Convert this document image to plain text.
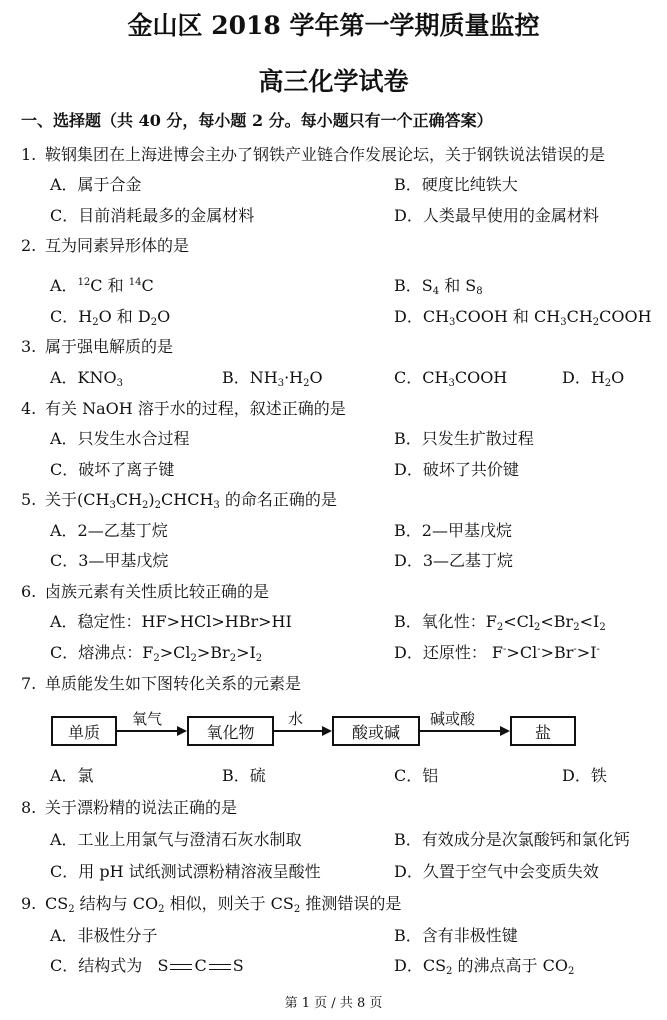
金山区 2018 学年第一学期质量监控
高三化学试卷
一、选择题（共 40 分，每小题 2 分。每小题只有一个正确答案）
1. 鞍钢集团在上海进博会主办了钢铁产业链合作发展论坛，关于钢铁说法错误的是
A．属于合金	B．硬度比纯铁大
C．目前消耗最多的金属材料	D．人类最早使用的金属材料
2. 互为同素异形体的是
A．$^{12}$C 和 $^{14}$C	B．$S_4$ 和 $S_8$
C．$H_2O$ 和 $D_2O$	D．$CH_3COOH$ 和 $CH_3CH_2COOH$
3. 属于强电解质的是
A．$KNO_3$	B．$NH_3\cdot H_2O$	C．$CH_3COOH$	D．$H_2O$
4. 有关 NaOH 溶于水的过程，叙述正确的是
A．只发生水合过程	B．只发生扩散过程
C．破坏了离子键	D．破坏了共价键
5. 关于$(CH_3CH_2)_2CHCH_3$ 的命名正确的是
A．2—乙基丁烷	B．2—甲基戊烷
C．3—甲基戊烷	D．3—乙基丁烷
6. 卤族元素有关性质比较正确的是
A．稳定性：HF>HCl>HBr>HI	B．氧化性：$F_2<Cl_2<Br_2<I_2$
C．熔沸点：$F_2>Cl_2>Br_2>I_2$	D．还原性： F->Cl->Br->I-
7. 单质能发生如下图转化关系的元素是
单质
氧气
氧化物
水
酸或碱
碱或酸
盐
A．氯	B．硫	C．铝	D．铁
8. 关于漂粉精的说法正确的是
A．工业上用氯气与澄清石灰水制取	B．有效成分是次氯酸钙和氯化钙
C．用 pH 试纸测试漂粉精溶液呈酸性	D．久置于空气中会变质失效
9. $CS_2$ 结构与 $CO_2$ 相似，则关于 $CS_2$ 推测错误的是
A．非极性分子	B．含有非极性键
C．结构式为   S C S	D．$CS_2$ 的沸点高于 $CO_2$
第 1 页 / 共 8 页
